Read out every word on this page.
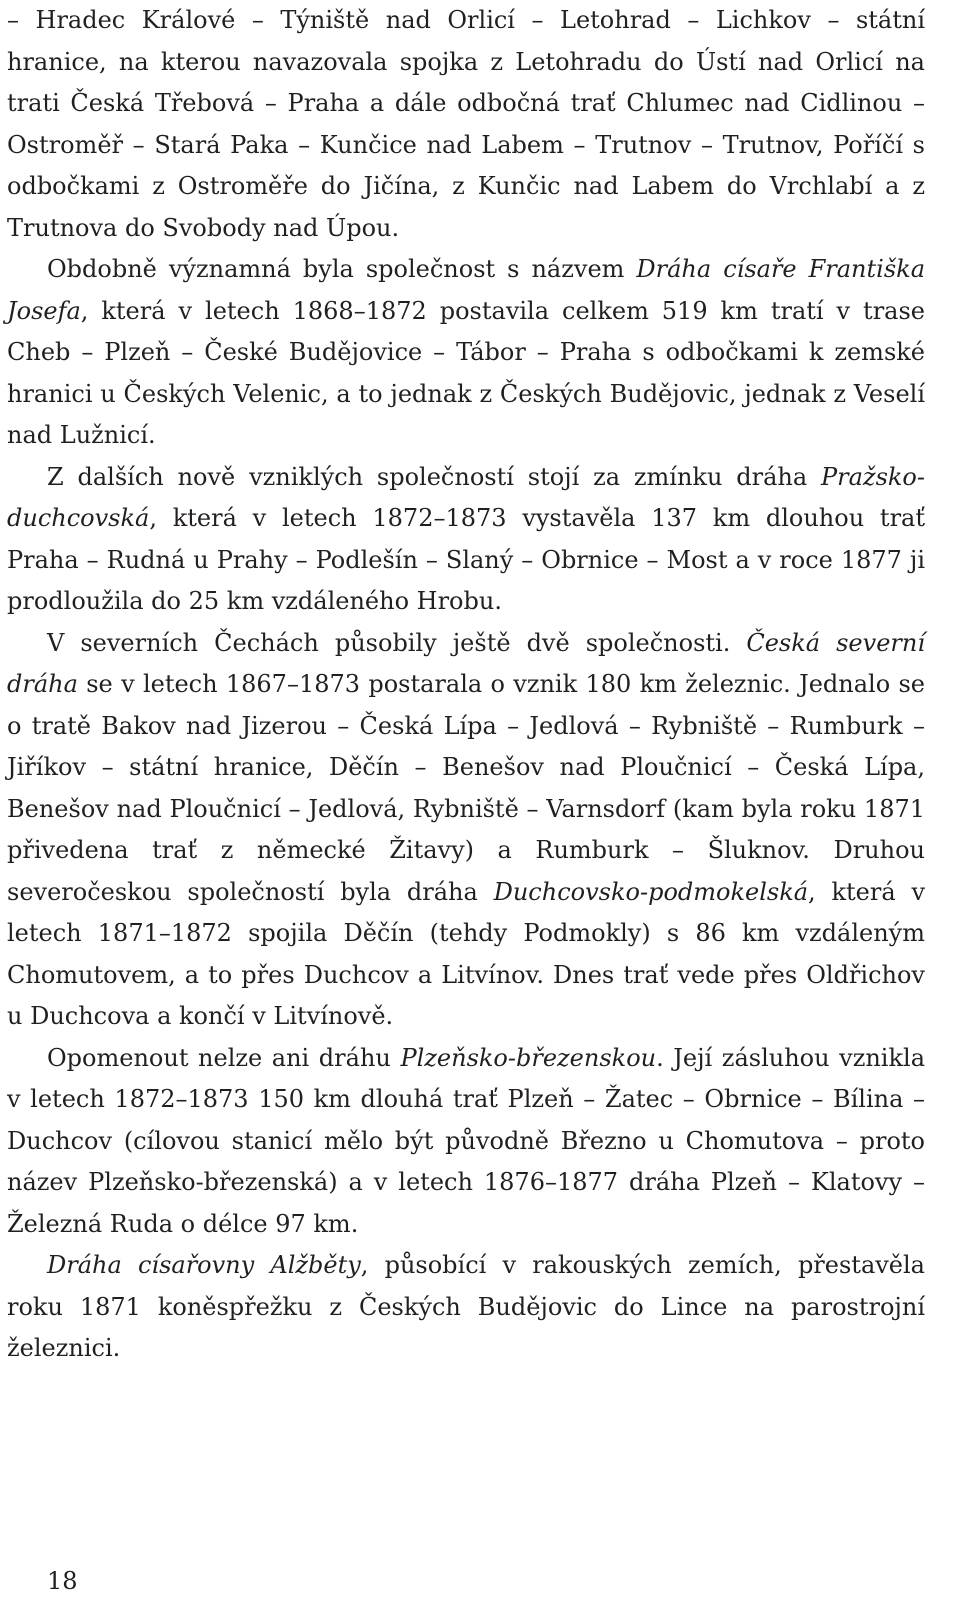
– Hradec Králové – Týniště nad Orlicí – Letohrad – Lichkov – státní hranice, na kterou navazovala spojka z Letohradu do Ústí nad Orlicí na trati Česká Třebová – Praha a dále odbočná trať Chlumec nad Cidlinou – Ostroměř – Stará Paka – Kunčice nad Labem – Trutnov – Trutnov, Poříčí s odbočkami z Ostroměře do Jičína, z Kunčic nad Labem do Vrchlabí a z Trutnova do Svobody nad Úpou.

Obdobně významná byla společnost s názvem Dráha císaře Františka Josefa, která v letech 1868–1872 postavila celkem 519 km tratí v trase Cheb – Plzeň – České Budějovice – Tábor – Praha s odbočkami k zemské hranici u Českých Velenic, a to jednak z Českých Budějovic, jednak z Veselí nad Lužnicí.

Z dalších nově vzniklých společností stojí za zmínku dráha Pražsko-duchcovská, která v letech 1872–1873 vystavěla 137 km dlouhou trať Praha – Rudná u Prahy – Podlešín – Slaný – Obrnice – Most a v roce 1877 ji prodloužila do 25 km vzdáleného Hrobu.

V severních Čechách působily ještě dvě společnosti. Česká severní dráha se v letech 1867–1873 postarala o vznik 180 km železnic. Jednalo se o tratě Bakov nad Jizerou – Česká Lípa – Jedlová – Rybniště – Rumburk – Jiříkov – státní hranice, Děčín – Benešov nad Ploučnicí – Česká Lípa, Benešov nad Ploučnicí – Jedlová, Rybniště – Varnsdorf (kam byla roku 1871 přivedena trať z německé Žitavy) a Rumburk – Šluknov. Druhou severočeskou společností byla dráha Duchcovsko-podmokelská, která v letech 1871–1872 spojila Děčín (tehdy Podmokly) s 86 km vzdáleným Chomutovem, a to přes Duchcov a Litvínov. Dnes trať vede přes Oldřichov u Duchcova a končí v Litvínově.

Opomenout nelze ani dráhu Plzeňsko-březenskou. Její zásluhou vznikla v letech 1872–1873 150 km dlouhá trať Plzeň – Žatec – Obrnice – Bílina – Duchcov (cílovou stanicí mělo být původně Březno u Chomutova – proto název Plzeňsko-březenská) a v letech 1876–1877 dráha Plzeň – Klatovy – Železná Ruda o délce 97 km.

Dráha císařovny Alžběty, působící v rakouských zemích, přestavěla roku 1871 koněspřežku z Českých Budějovic do Lince na parostrojní železnici.

18
